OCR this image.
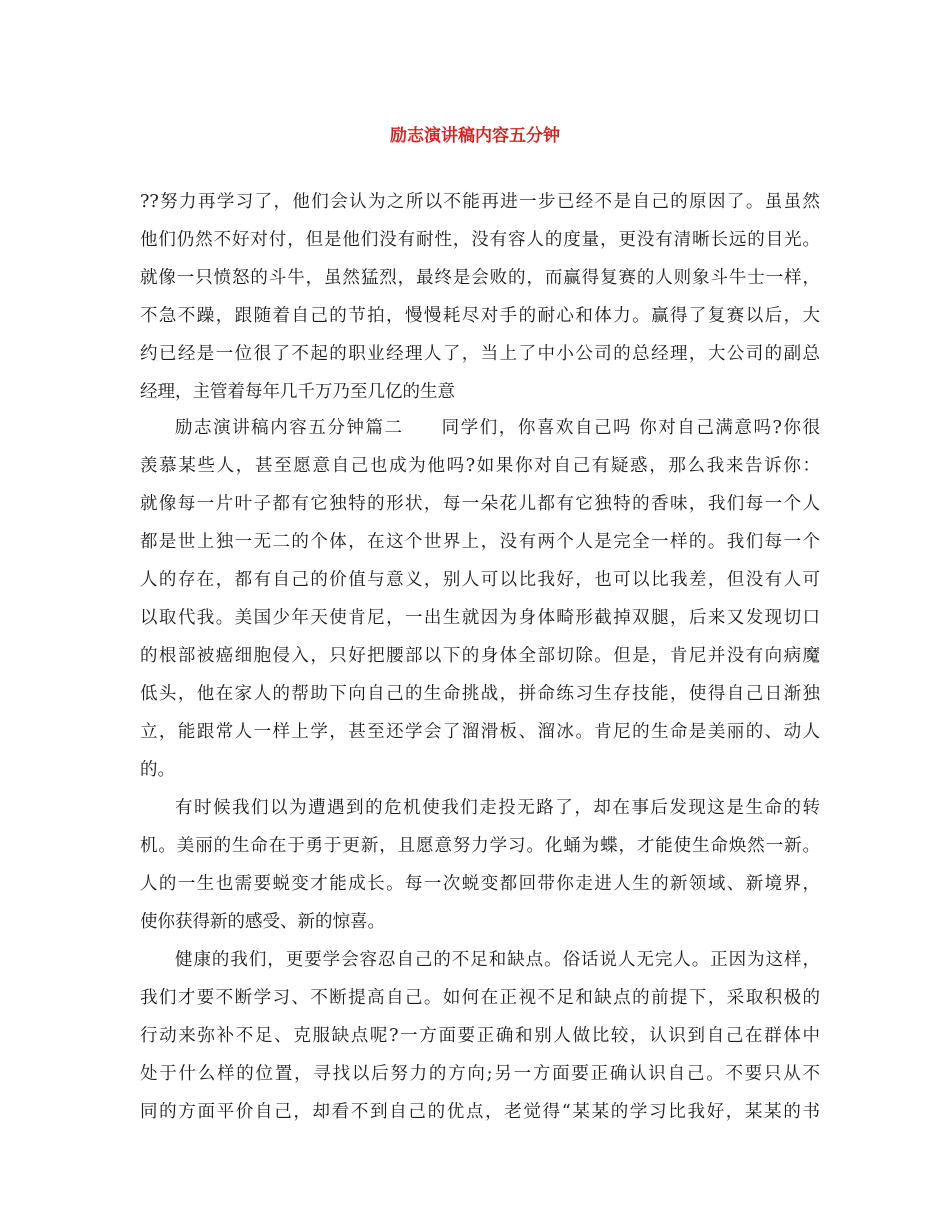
励志演讲稿内容五分钟
??努力再学习了，他们会认为之所以不能再进一步已经不是自己的原因了。虽虽然
他们仍然不好对付，但是他们没有耐性，没有容人的度量，更没有清晰长远的目光。
就像一只愤怒的斗牛，虽然猛烈，最终是会败的，而赢得复赛的人则象斗牛士一样，
不急不躁，跟随着自己的节拍，慢慢耗尽对手的耐心和体力。赢得了复赛以后，大
约已经是一位很了不起的职业经理人了，当上了中小公司的总经理，大公司的副总
经理，主管着每年几千万乃至几亿的生意
励志演讲稿内容五分钟篇二　　同学们，你喜欢自己吗 你对自己满意吗?你很
羡慕某些人，甚至愿意自己也成为他吗?如果你对自己有疑惑，那么我来告诉你：
就像每一片叶子都有它独特的形状，每一朵花儿都有它独特的香味，我们每一个人
都是世上独一无二的个体，在这个世界上，没有两个人是完全一样的。我们每一个
人的存在，都有自己的价值与意义，别人可以比我好，也可以比我差，但没有人可
以取代我。美国少年天使肯尼，一出生就因为身体畸形截掉双腿，后来又发现切口
的根部被癌细胞侵入，只好把腰部以下的身体全部切除。但是，肯尼并没有向病魔
低头，他在家人的帮助下向自己的生命挑战，拼命练习生存技能，使得自己日渐独
立，能跟常人一样上学，甚至还学会了溜滑板、溜冰。肯尼的生命是美丽的、动人
的。
有时候我们以为遭遇到的危机使我们走投无路了，却在事后发现这是生命的转
机。美丽的生命在于勇于更新，且愿意努力学习。化蛹为蝶，才能使生命焕然一新。
人的一生也需要蜕变才能成长。每一次蜕变都回带你走进人生的新领域、新境界，
使你获得新的感受、新的惊喜。
健康的我们，更要学会容忍自己的不足和缺点。俗话说人无完人。正因为这样，
我们才要不断学习、不断提高自己。如何在正视不足和缺点的前提下，采取积极的
行动来弥补不足、克服缺点呢?一方面要正确和别人做比较，认识到自己在群体中
处于什么样的位置，寻找以后努力的方向;另一方面要正确认识自己。不要只从不
同的方面平价自己，却看不到自己的优点，老觉得“某某的学习比我好，某某的书
